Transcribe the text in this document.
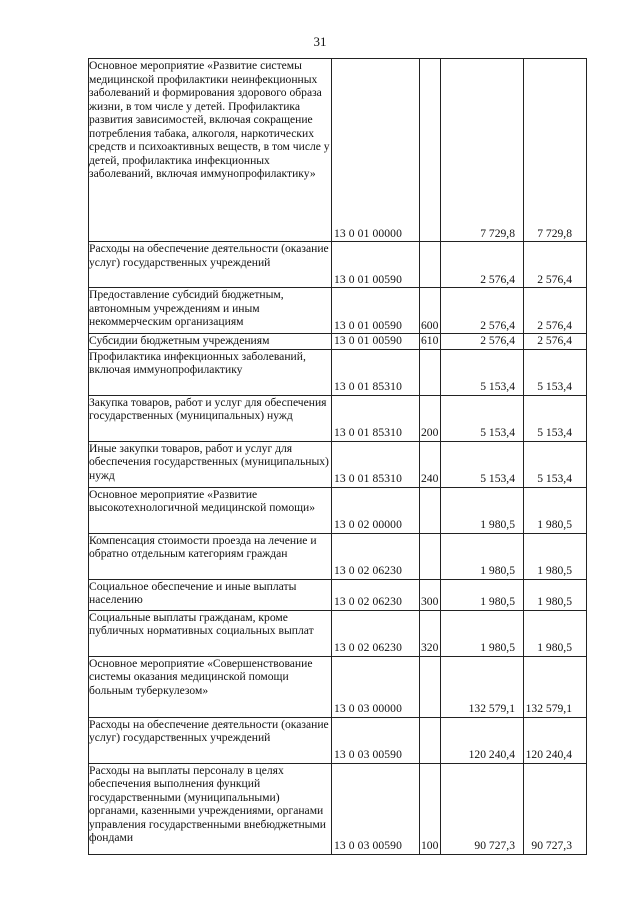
31
Основное мероприятие «Развитие системы медицинской профилактики неинфекционных заболеваний и формирования здорового образа жизни, в том числе у детей. Профилактика развития зависимостей, включая сокращение потребления табака, алкоголя, наркотических средств и психоактивных веществ, в том числе у детей, профилактика инфекционных заболеваний, включая иммунопрофилактику»	13 0 01 00000		7 729,8	7 729,8
Расходы на обеспечение деятельности (оказание услуг) государственных учреждений	13 0 01 00590		2 576,4	2 576,4
Предоставление субсидий бюджетным, автономным учреждениям и иным некоммерческим организациям	13 0 01 00590	600	2 576,4	2 576,4
Субсидии бюджетным учреждениям	13 0 01 00590	610	2 576,4	2 576,4
Профилактика инфекционных заболеваний, включая иммунопрофилактику	13 0 01 85310		5 153,4	5 153,4
Закупка товаров, работ и услуг для обеспечения государственных (муниципальных) нужд	13 0 01 85310	200	5 153,4	5 153,4
Иные закупки товаров, работ и услуг для обеспечения государственных (муниципальных) нужд	13 0 01 85310	240	5 153,4	5 153,4
Основное мероприятие «Развитие высокотехнологичной медицинской помощи»	13 0 02 00000		1 980,5	1 980,5
Компенсация стоимости проезда на лечение и обратно отдельным категориям граждан	13 0 02 06230		1 980,5	1 980,5
Социальное обеспечение и иные выплаты населению	13 0 02 06230	300	1 980,5	1 980,5
Социальные выплаты гражданам, кроме публичных нормативных социальных выплат	13 0 02 06230	320	1 980,5	1 980,5
Основное мероприятие «Совершенствование системы оказания медицинской помощи больным туберкулезом»	13 0 03 00000		132 579,1	132 579,1
Расходы на обеспечение деятельности (оказание услуг) государственных учреждений	13 0 03 00590		120 240,4	120 240,4
Расходы на выплаты персоналу в целях обеспечения выполнения функций государственными (муниципальными) органами, казенными учреждениями, органами управления государственными внебюджетными фондами	13 0 03 00590	100	90 727,3	90 727,3
